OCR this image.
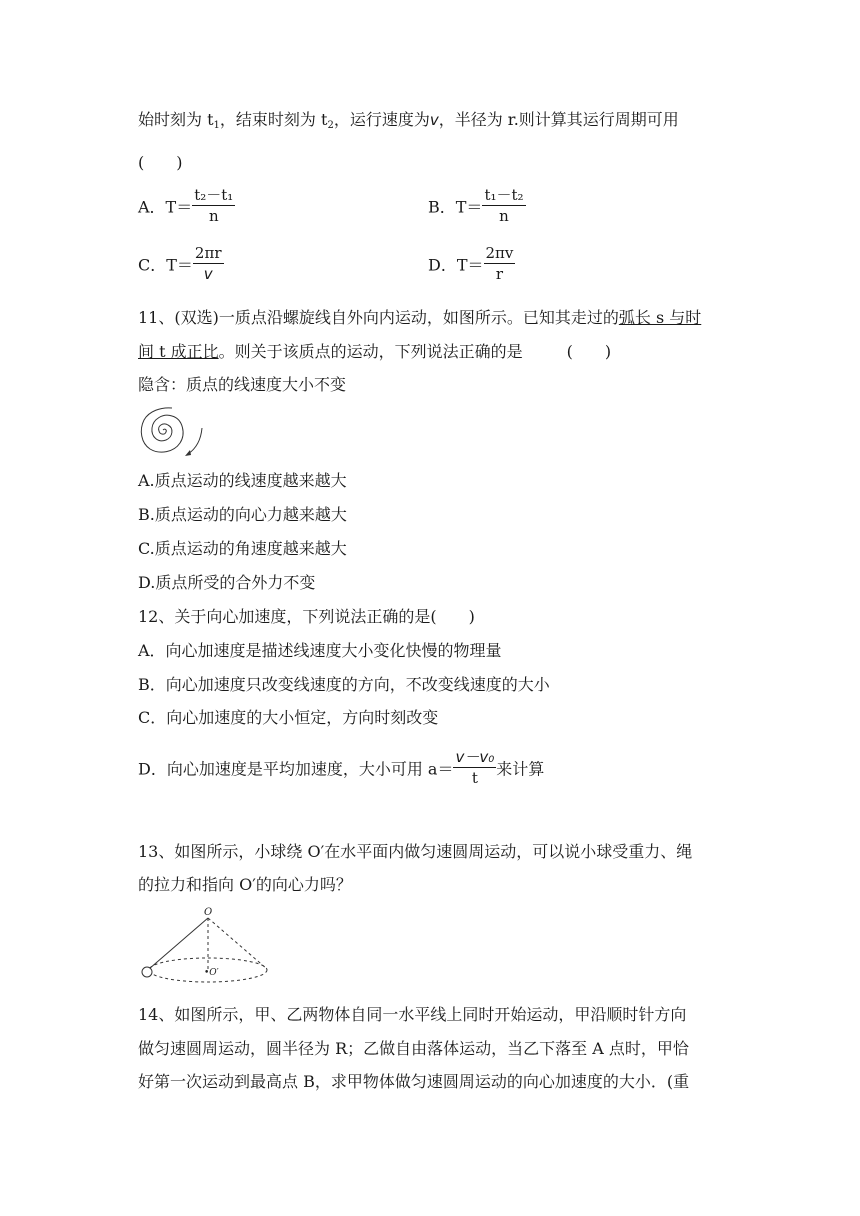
始时刻为 $t_1$，结束时刻为 $t_2$，运行速度为v，半径为 r.则计算其运行周期可用
(　　)
A．$T= \frac{\text{t₂－t₁}}{n}$	B．$T= \frac{\text{t₁－t₂}}{n}$
C．$T= \frac{2\pi r}{v}$	D．$T= \frac{2\pi v}{r}$
11、(双选)一质点沿螺旋线自外向内运动，如图所示。已知其走过的弧长 s 与时
间 t 成正比。则关于该质点的运动，下列说法正确的是	(　　)
隐含：质点的线速度大小不变
A.质点运动的线速度越来越大
B.质点运动的向心力越来越大
C.质点运动的角速度越来越大
D.质点所受的合外力不变
12、关于向心加速度，下列说法正确的是(　　)
A．向心加速度是描述线速度大小变化快慢的物理量
B．向心加速度只改变线速度的方向，不改变线速度的大小
C．向心加速度的大小恒定，方向时刻改变
D．向心加速度是平均加速度，大小可用 $a= \frac{\text{v－v₀}}{t}$ 来计算
13、如图所示，小球绕 O′在水平面内做匀速圆周运动，可以说小球受重力、绳
的拉力和指向 O′的向心力吗？
O
•O′
14、如图所示，甲、乙两物体自同一水平线上同时开始运动，甲沿顺时针方向
做匀速圆周运动，圆半径为 R；乙做自由落体运动，当乙下落至 A 点时，甲恰
好第一次运动到最高点 B，求甲物体做匀速圆周运动的向心加速度的大小．(重
